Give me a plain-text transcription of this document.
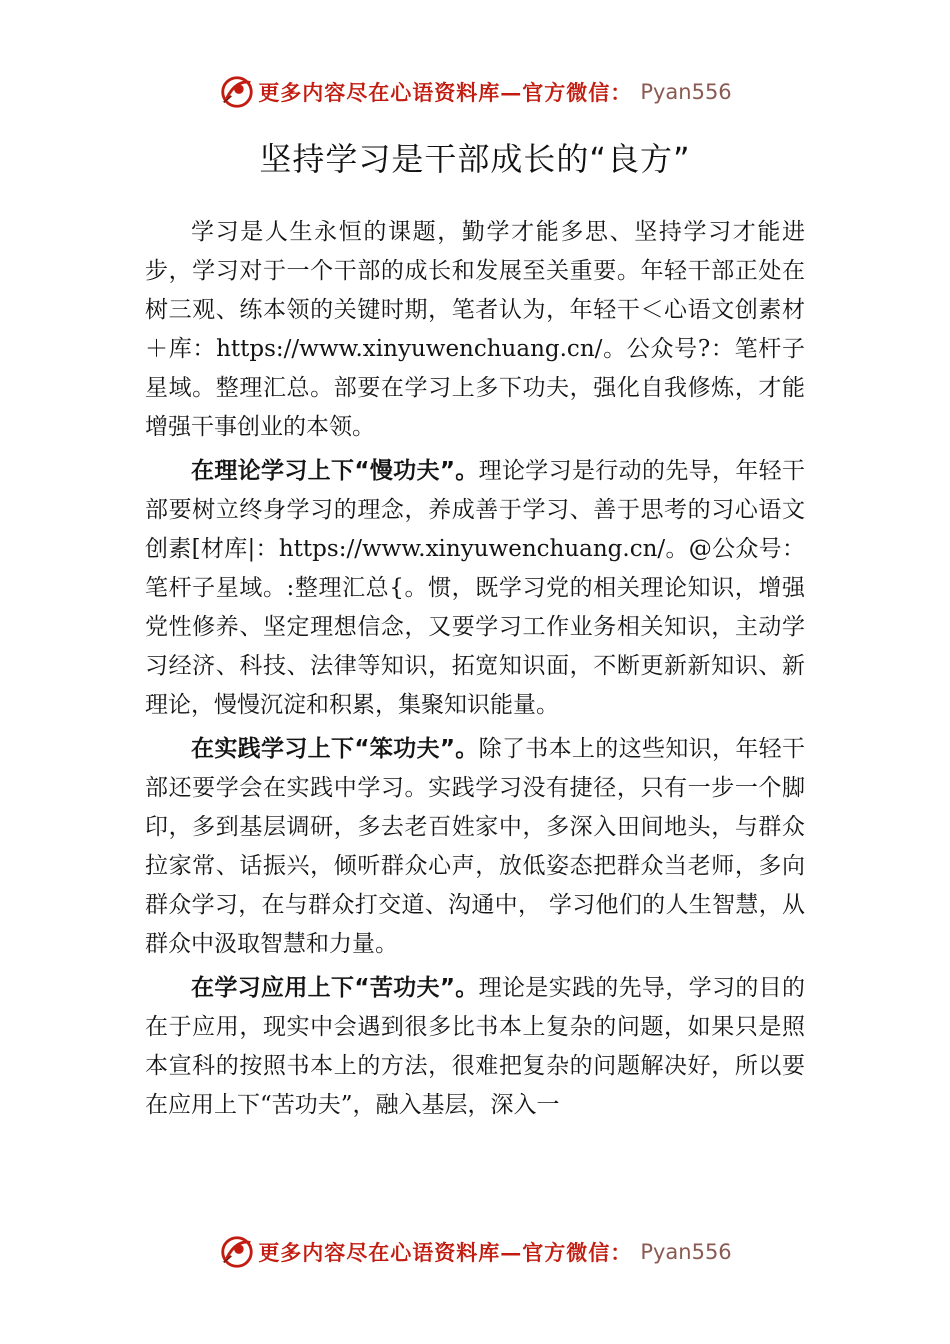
更多内容尽在心语资料库—官方微信： Pyan556
坚持学习是干部成长的“良方”

学习是人生永恒的课题，勤学才能多思、坚持学习才能进步，学习对于一个干部的成长和发展至关重要。年轻干部正处在树三观、练本领的关键时期，笔者认为，年轻干＜心语文创素材＋库：https://www.xinyuwenchuang.cn/。公众号?：笔杆子星域。整理汇总。部要在学习上多下功夫，强化自我修炼，才能增强干事创业的本领。

在理论学习上下“慢功夫”。理论学习是行动的先导，年轻干部要树立终身学习的理念，养成善于学习、善于思考的习心语文创素[材库|：https://www.xinyuwenchuang.cn/。@公众号：笔杆子星域。:整理汇总{。惯，既学习党的相关理论知识，增强党性修养、坚定理想信念，又要学习工作业务相关知识，主动学习经济、科技、法律等知识，拓宽知识面，不断更新新知识、新理论，慢慢沉淀和积累，集聚知识能量。

在实践学习上下“笨功夫”。除了书本上的这些知识，年轻干部还要学会在实践中学习。实践学习没有捷径，只有一步一个脚印，多到基层调研，多去老百姓家中，多深入田间地头，与群众拉家常、话振兴，倾听群众心声，放低姿态把群众当老师，多向群众学习，在与群众打交道、沟通中， 学习他们的人生智慧，从群众中汲取智慧和力量。

在学习应用上下“苦功夫”。理论是实践的先导，学习的目的在于应用，现实中会遇到很多比书本上复杂的问题，如果只是照本宣科的按照书本上的方法，很难把复杂的问题解决好，所以要在应用上下“苦功夫”，融入基层，深入一

更多内容尽在心语资料库—官方微信： Pyan556
